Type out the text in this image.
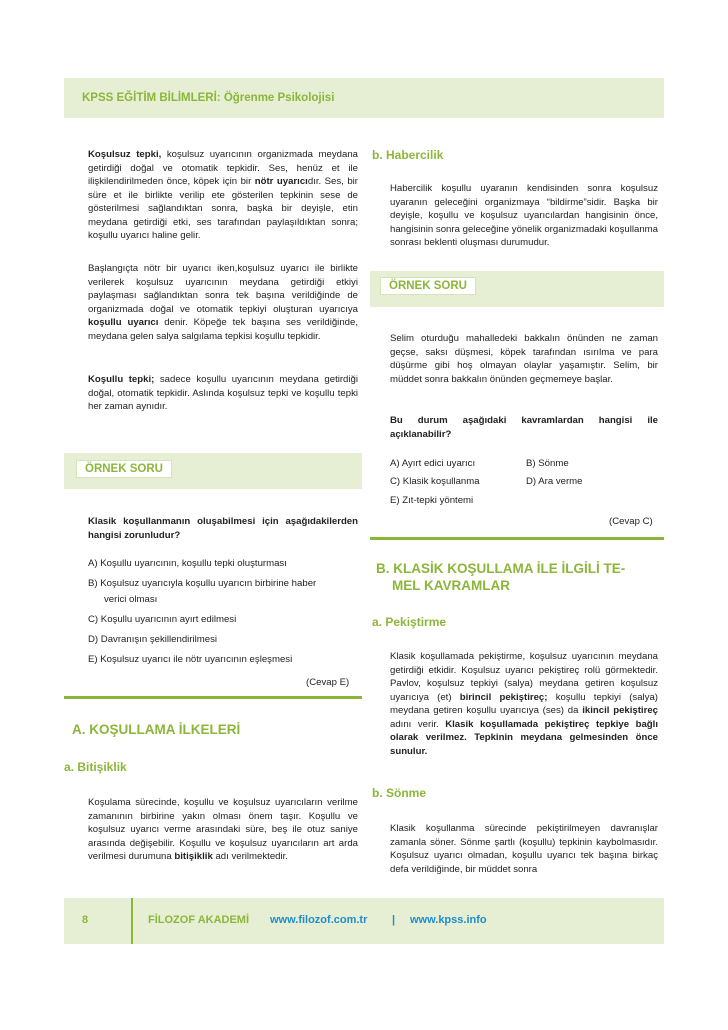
KPSS EĞİTİM BİLİMLERİ: Öğrenme Psikolojisi
Koşulsuz tepki, koşulsuz uyarıcının organizmada meydana getirdiği doğal ve otomatik tepkidir. Ses, henüz et ile ilişkilendirilmeden önce, köpek için bir nötr uyarıcıdır. Ses, bir süre et ile birlikte verilip ete gösterilen tepkinin sese de gösterilmesi sağlandıktan sonra, başka bir deyişle, etin meydana getirdiği etki, ses tarafından paylaşıldıktan sonra; koşullu uyarıcı haline gelir.
Başlangıçta nötr bir uyarıcı iken,koşulsuz uyarıcı ile birlikte verilerek koşulsuz uyarıcının meydana getirdiği etkiyi paylaşması sağlandıktan sonra tek başına verildiğinde de organizmada doğal ve otomatik tepkiyi oluşturan uyarıcıya koşullu uyarıcı denir. Köpeğe tek başına ses verildiğinde, meydana gelen salya salgılama tepkisi koşullu tepkidir.
Koşullu tepki; sadece koşullu uyarıcının meydana getirdiği doğal, otomatik tepkidir. Aslında koşulsuz tepki ve koşullu tepki her zaman aynıdır.
ÖRNEK SORU
Klasik koşullanmanın oluşabilmesi için aşağıdakilerden hangisi zorunludur?
A) Koşullu uyarıcının, koşullu tepki oluşturması
B) Koşulsuz uyarıcıyla koşullu uyarıcın birbirine haber
verici olması
C) Koşullu uyarıcının ayırt edilmesi
D) Davranışın şekillendirilmesi
E) Koşulsuz uyarıcı ile nötr uyarıcının eşleşmesi
(Cevap E)
A. KOŞULLAMA İLKELERİ
a. Bitişiklik
Koşulama sürecinde, koşullu ve koşulsuz uyarıcıların verilme zamanının birbirine yakın olması önem taşır. Koşullu ve koşulsuz uyarıcı verme arasındaki süre, beş ile otuz saniye arasında değişebilir. Koşullu ve koşulsuz uyarıcıların art arda verilmesi durumuna bitişiklik adı verilmektedir.
b. Habercilik
Habercilik koşullu uyaranın kendisinden sonra koşulsuz uyaranın geleceğini organizmaya “bildirme”sidir. Başka bir deyişle, koşullu ve koşulsuz uyarıcılardan hangisinin önce, hangisinin sonra geleceğine yönelik organizmadaki koşullanma sonrası beklenti oluşması durumudur.
ÖRNEK SORU
Selim oturduğu mahalledeki bakkalın önünden ne zaman geçse, saksı düşmesi, köpek tarafından ısırılma ve para düşürme gibi hoş olmayan olaylar yaşamıştır. Selim, bir müddet sonra bakkalın önünden geçmemeye başlar.
Bu durum aşağıdaki kavramlardan hangisi ile açıklanabilir?
A) Ayırt edici uyarıcı	B) Sönme
C) Klasik koşullanma	D) Ara verme
E) Zıt-tepki yöntemi
(Cevap C)
B. KLASİK KOŞULLAMA İLE İLGİLİ TE-
MEL KAVRAMLAR
a. Pekiştirme
Klasik koşullamada pekiştirme, koşulsuz uyarıcının meydana getirdiği etkidir. Koşulsuz uyarıcı pekiştireç rolü görmektedir. Pavlov, koşulsuz tepkiyi (salya) meydana getiren koşulsuz uyarıcıya (et) birincil pekiştireç; koşullu tepkiyi (salya) meydana getiren koşullu uyarıcıya (ses) da ikincil pekiştireç adını verir. Klasik koşullamada pekiştireç tepkiye bağlı olarak verilmez. Tepkinin meydana gelmesinden önce sunulur.
b. Sönme
Klasik koşullanma sürecinde pekiştirilmeyen davranışlar zamanla söner. Sönme şartlı (koşullu) tepkinin kaybolmasıdır. Koşulsuz uyarıcı olmadan, koşullu uyarıcı tek başına birkaç defa verildiğinde, bir müddet sonra
8	FİLOZOF AKADEMİ www.filozof.com.tr | www.kpss.info
